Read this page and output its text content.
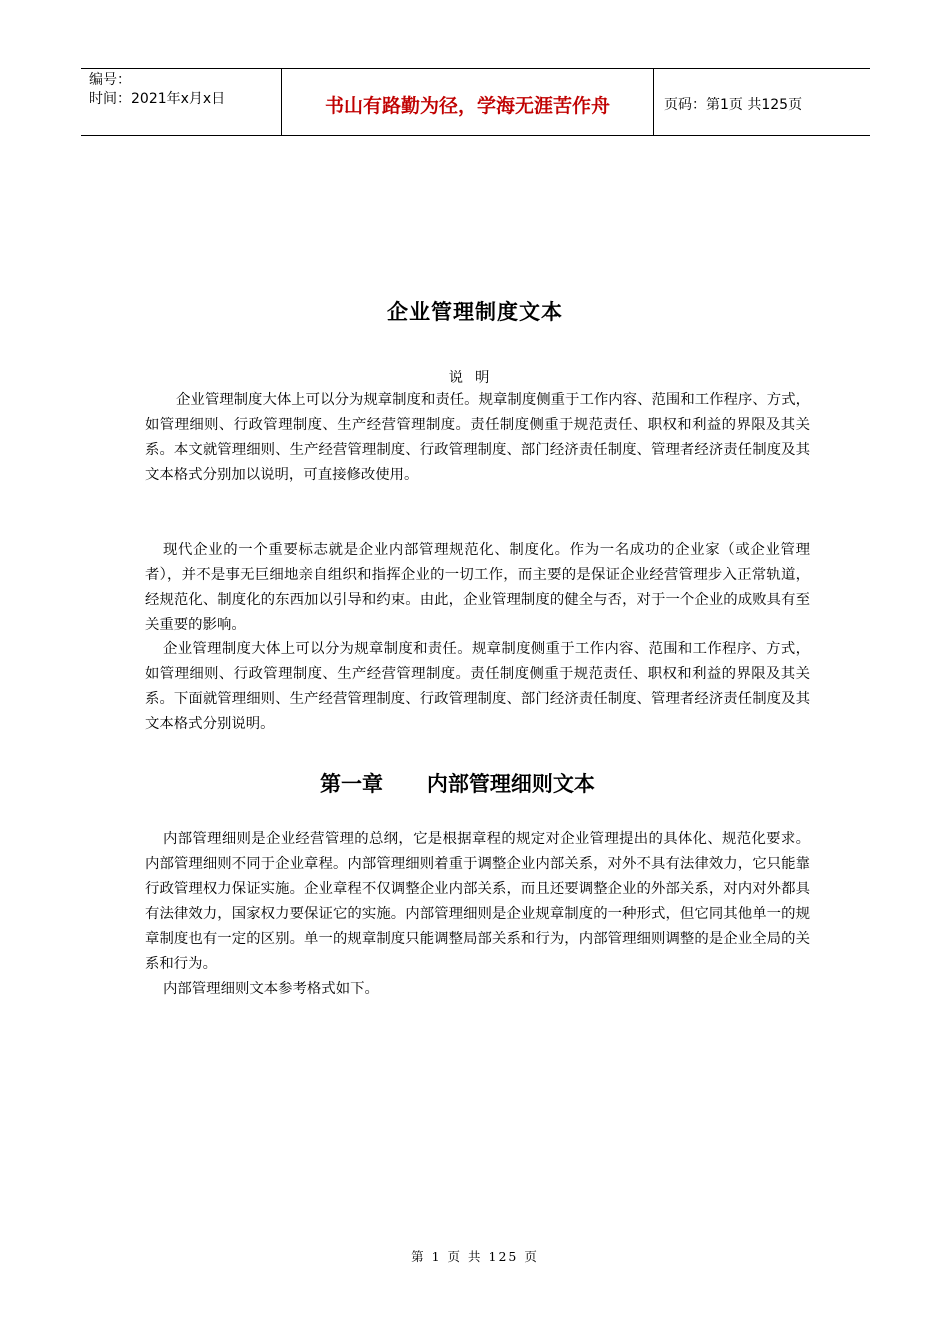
编号：
时间：2021年x月x日	书山有路勤为径，学海无涯苦作舟	页码：第1页 共125页
企业管理制度文本
说明

企业管理制度大体上可以分为规章制度和责任。规章制度侧重于工作内容、范围和工作程序、方式，如管理细则、行政管理制度、生产经营管理制度。责任制度侧重于规范责任、职权和利益的界限及其关系。本文就管理细则、生产经营管理制度、行政管理制度、部门经济责任制度、管理者经济责任制度及其文本格式分别加以说明，可直接修改使用。

现代企业的一个重要标志就是企业内部管理规范化、制度化。作为一名成功的企业家（或企业管理者），并不是事无巨细地亲自组织和指挥企业的一切工作，而主要的是保证企业经营管理步入正常轨道，经规范化、制度化的东西加以引导和约束。由此，企业管理制度的健全与否，对于一个企业的成败具有至关重要的影响。

企业管理制度大体上可以分为规章制度和责任。规章制度侧重于工作内容、范围和工作程序、方式，如管理细则、行政管理制度、生产经营管理制度。责任制度侧重于规范责任、职权和利益的界限及其关系。下面就管理细则、生产经营管理制度、行政管理制度、部门经济责任制度、管理者经济责任制度及其文本格式分别说明。

第一章      内部管理细则文本

内部管理细则是企业经营管理的总纲，它是根据章程的规定对企业管理提出的具体化、规范化要求。内部管理细则不同于企业章程。内部管理细则着重于调整企业内部关系，对外不具有法律效力，它只能靠行政管理权力保证实施。企业章程不仅调整企业内部关系，而且还要调整企业的外部关系，对内对外都具有法律效力，国家权力要保证它的实施。内部管理细则是企业规章制度的一种形式，但它同其他单一的规章制度也有一定的区别。单一的规章制度只能调整局部关系和行为，内部管理细则调整的是企业全局的关系和行为。

内部管理细则文本参考格式如下。

第 1 页 共 125 页
